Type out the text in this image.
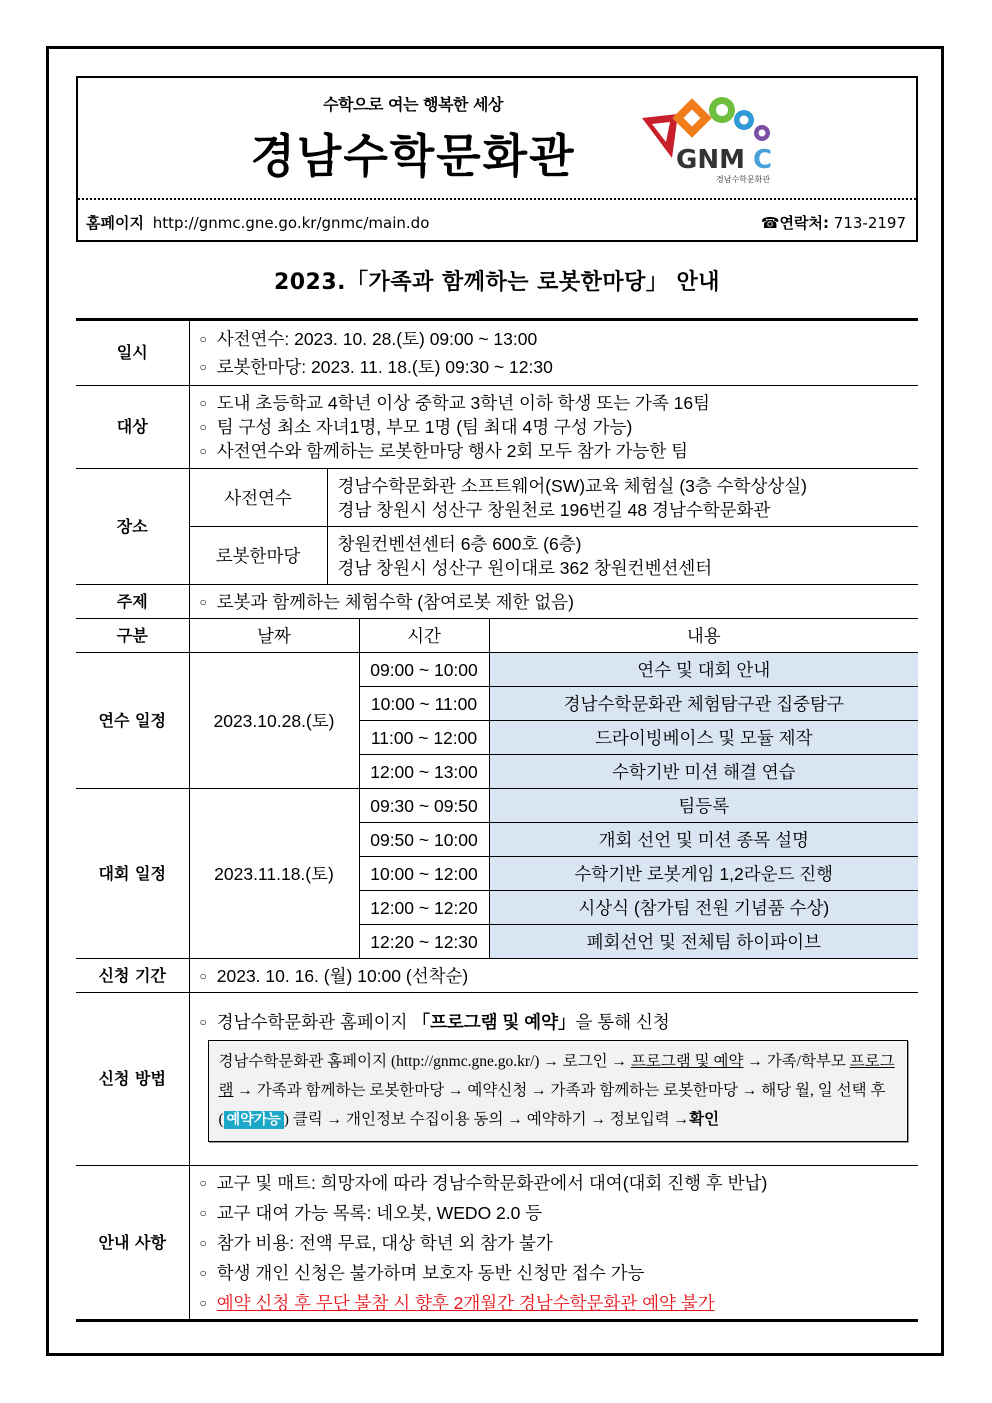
수학으로 여는 행복한 세상
경남수학문화관	GNM C
경남수학문화관
홈페이지 http://gnmc.gne.go.kr/gnmc/main.do	☎연락처: 713-2197
2023.「가족과 함께하는 로봇한마당」 안내
일시	○ 사전연수: 2023. 10. 28.(토) 09:00 ~ 13:00
○ 로봇한마당: 2023. 11. 18.(토) 09:30 ~ 12:30

대상	○ 도내 초등학교 4학년 이상 중학교 3학년 이하 학생 또는 가족 16팀
○ 팀 구성 최소 자녀1명, 부모 1명 (팀 최대 4명 구성 가능)
○ 사전연수와 함께하는 로봇한마당 행사 2회 모두 참가 가능한 팀

장소	사전연수	경남수학문화관 소프트웨어(SW)교육 체험실 (3층 수학상상실)
경남 창원시 성산구 창원천로 196번길 48 경남수학문화관		

	로봇한마당	창원컨벤션센터 6층 600호 (6층)
경남 창원시 성산구 원이대로 362 창원컨벤션센터		

주제	○ 로봇과 함께하는 체험수학 (참여로봇 제한 없음)

구분	날짜		시간	내용
연수 일정	2023.10.28.(토)		09:00 ~ 10:00	연수 및 대회 안내
			10:00 ~ 11:00	경남수학문화관 체험탐구관 집중탐구
			11:00 ~ 12:00	드라이빙베이스 및 모듈 제작
			12:00 ~ 13:00	수학기반 미션 해결 연습
대회 일정	2023.11.18.(토)		09:30 ~ 09:50	팀등록
			09:50 ~ 10:00	개회 선언 및 미션 종목 설명
			10:00 ~ 12:00	수학기반 로봇게임 1,2라운드 진행
			12:00 ~ 12:20	시상식 (참가팀 전원 기념품 수상)
			12:20 ~ 12:30	폐회선언 및 전체팀 하이파이브
신청 기간	○ 2023. 10. 16. (월) 10:00 (선착순)

신청 방법	○ 경남수학문화관 홈페이지 「프로그램 및 예약」을 통해 신청
경남수학문화관 홈페이지 (http://gnmc.gne.go.kr/) → 로그인 → 프로그램 및 예약 → 가족/학부모 프로그램 → 가족과 함께하는 로봇한마당 → 예약신청 → 가족과 함께하는 로봇한마당 → 해당 월, 일 선택 후 ( 예약가능 ) 클릭 → 개인정보 수집이용 동의 → 예약하기 → 정보입력 →확인

안내 사항	○ 교구 및 매트: 희망자에 따라 경남수학문화관에서 대여(대회 진행 후 반납)
○ 교구 대여 가능 목록: 네오봇, WEDO 2.0 등
○ 참가 비용: 전액 무료, 대상 학년 외 참가 불가
○ 학생 개인 신청은 불가하며 보호자 동반 신청만 접수 가능
○ 예약 신청 후 무단 불참 시 향후 2개월간 경남수학문화관 예약 불가
